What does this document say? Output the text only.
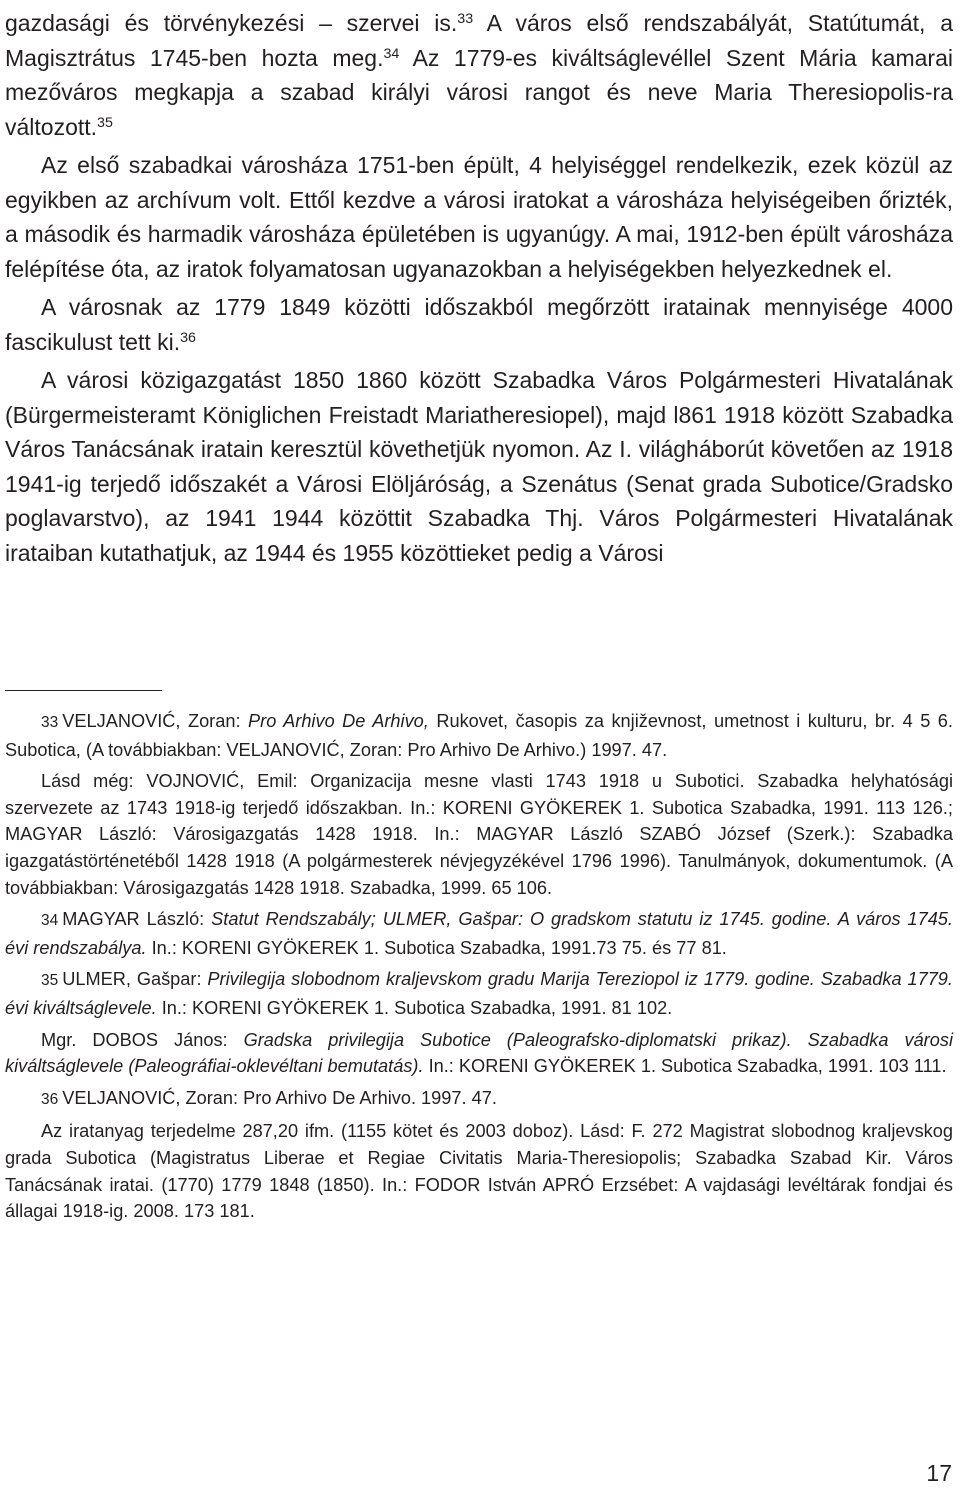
gazdasági és törvénykezési – szervei is.$^{33}$ A város első rendszabályát, Statútumát, a Magisztrátus 1745-ben hozta meg.$^{34}$ Az 1779-es kiváltságlevéllel Szent Mária kamarai mezőváros megkapja a szabad királyi városi rangot és neve Maria Theresiopolis-ra változott.$^{35}$

Az első szabadkai városháza 1751-ben épült, 4 helyiséggel rendelkezik, ezek közül az egyikben az archívum volt. Ettől kezdve a városi iratokat a városháza helyiségeiben őrizték, a második és harmadik városháza épületében is ugyanúgy. A mai, 1912-ben épült városháza felépítése óta, az iratok folyamatosan ugyanazokban a helyiségekben helyezkednek el.

A városnak az 1779 1849 közötti időszakból megőrzött iratainak mennyisége 4000 fascikulust tett ki.$^{36}$

A városi közigazgatást 1850 1860 között Szabadka Város Polgármesteri Hivatalának (Bürgermeisteramt Königlichen Freistadt Mariatheresiopel), majd l861 1918 között Szabadka Város Tanácsának iratain keresztül követhetjük nyomon. Az I. világháborút követően az 1918 1941-ig terjedő időszakét a Városi Elöljáróság, a Szenátus (Senat grada Subotice/Gradsko poglavarstvo), az 1941 1944 közöttit Szabadka Thj. Város Polgármesteri Hivatalának irataiban kutathatjuk, az 1944 és 1955 közöttieket pedig a Városi

33 VELJANOVIĆ, Zoran: Pro Arhivo De Arhivo, Rukovet, časopis za književnost, umetnost i kulturu, br. 4 5 6. Subotica, (A továbbiakban: VELJANOVIĆ, Zoran: Pro Arhivo De Arhivo.) 1997. 47.

Lásd még: VOJNOVIĆ, Emil: Organizacija mesne vlasti 1743 1918 u Subotici. Szabadka helyhatósági szervezete az 1743 1918-ig terjedő időszakban. In.: KORENI GYÖKEREK 1. Subotica Szabadka, 1991. 113 126.; MAGYAR László: Városigazgatás 1428 1918. In.: MAGYAR László SZABÓ József (Szerk.): Szabadka igazgatástörténetéből 1428 1918 (A polgármesterek névjegyzékével 1796 1996). Tanulmányok, dokumentumok. (A továbbiakban: Városigazgatás 1428 1918. Szabadka, 1999. 65 106.

34 MAGYAR László: Statut Rendszabály; ULMER, Gašpar: O gradskom statutu iz 1745. godine. A város 1745. évi rendszabálya. In.: KORENI GYÖKEREK 1. Subotica Szabadka, 1991.73 75. és 77 81.

35 ULMER, Gašpar: Privilegija slobodnom kraljevskom gradu Marija Tereziopol iz 1779. godine. Szabadka 1779. évi kiváltságlevele. In.: KORENI GYÖKEREK 1. Subotica Szabadka, 1991. 81 102.

Mgr. DOBOS János: Gradska privilegija Subotice (Paleografsko-diplomatski prikaz). Szabadka városi kiváltságlevele (Paleográfiai-oklevéltani bemutatás). In.: KORENI GYÖKEREK 1. Subotica Szabadka, 1991. 103 111.

36 VELJANOVIĆ, Zoran: Pro Arhivo De Arhivo. 1997. 47.

Az iratanyag terjedelme 287,20 ifm. (1155 kötet és 2003 doboz). Lásd: F. 272 Magistrat slobodnog kraljevskog grada Subotica (Magistratus Liberae et Regiae Civitatis Maria-Theresiopolis; Szabadka Szabad Kir. Város Tanácsának iratai. (1770) 1779 1848 (1850). In.: FODOR István APRÓ Erzsébet: A vajdasági levéltárak fondjai és állagai 1918-ig. 2008. 173 181.

17
